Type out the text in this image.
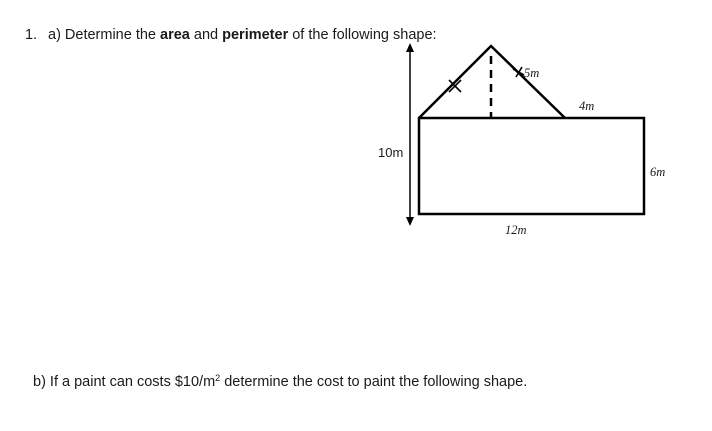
1. a) Determine the area and perimeter of the following shape:
10m
5m
4m
6m
12m
b) If a paint can costs $\$10/m^2$ determine the cost to paint the following shape.
